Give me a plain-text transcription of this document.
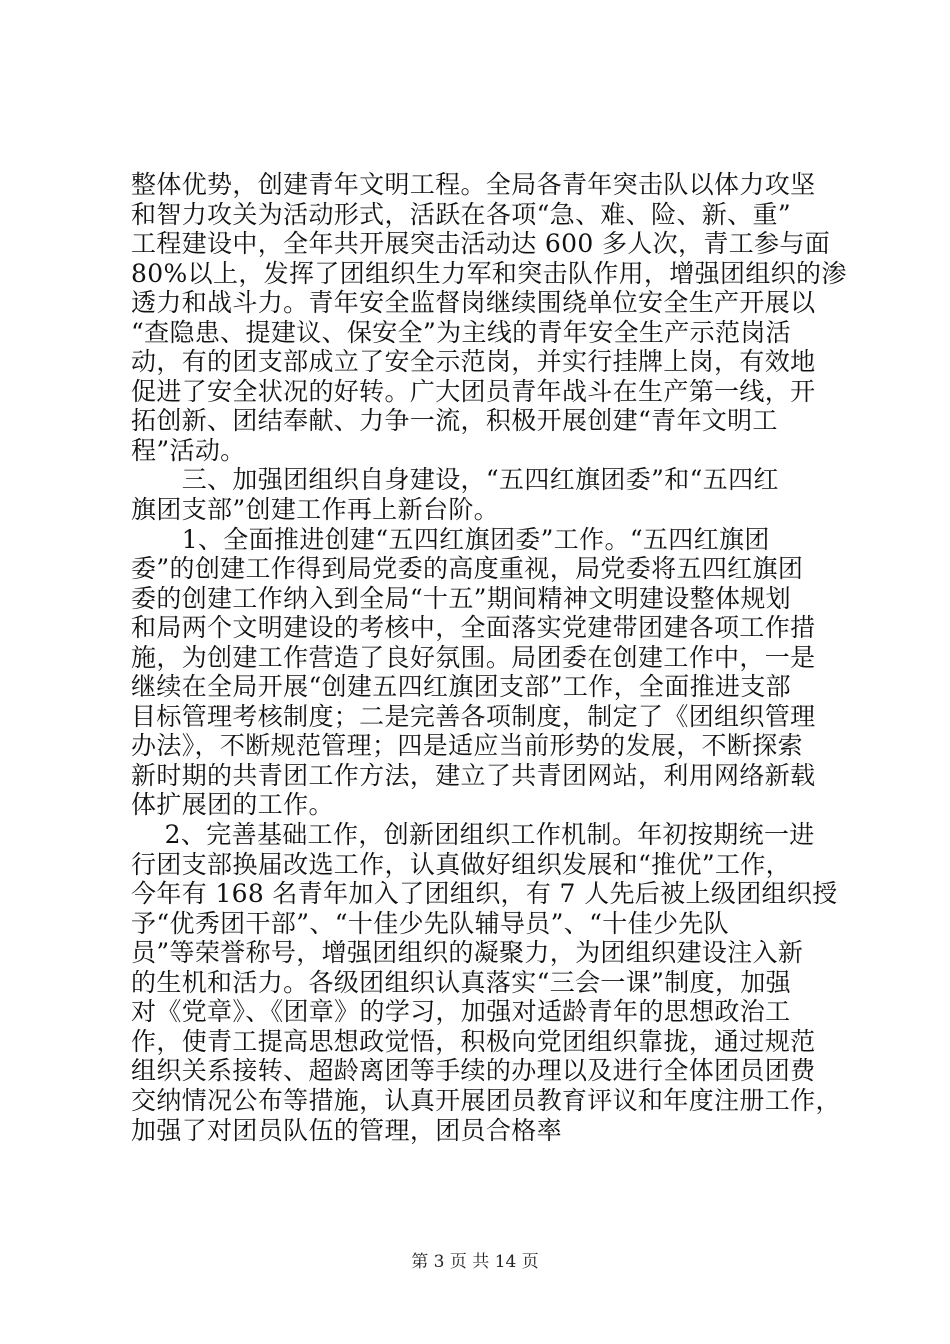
整体优势，创建青年文明工程。全局各青年突击队以体力攻坚
和智力攻关为活动形式，活跃在各项“急、难、险、新、重”
工程建设中，全年共开展突击活动达 600 多人次，青工参与面
80%以上，发挥了团组织生力军和突击队作用，增强团组织的渗
透力和战斗力。青年安全监督岗继续围绕单位安全生产开展以
“查隐患、提建议、保安全”为主线的青年安全生产示范岗活
动，有的团支部成立了安全示范岗，并实行挂牌上岗，有效地
促进了安全状况的好转。广大团员青年战斗在生产第一线，开
拓创新、团结奉献、力争一流，积极开展创建“青年文明工
程”活动。
　　三、加强团组织自身建设，“五四红旗团委”和“五四红
旗团支部”创建工作再上新台阶。
　　1、全面推进创建“五四红旗团委”工作。“五四红旗团
委”的创建工作得到局党委的高度重视，局党委将五四红旗团
委的创建工作纳入到全局“十五”期间精神文明建设整体规划
和局两个文明建设的考核中，全面落实党建带团建各项工作措
施，为创建工作营造了良好氛围。局团委在创建工作中，一是
继续在全局开展“创建五四红旗团支部”工作，全面推进支部
目标管理考核制度；二是完善各项制度，制定了《团组织管理
办法》，不断规范管理；四是适应当前形势的发展，不断探索
新时期的共青团工作方法，建立了共青团网站，利用网络新载
体扩展团的工作。
　 2、完善基础工作，创新团组织工作机制。年初按期统一进
行团支部换届改选工作，认真做好组织发展和“推优”工作，
今年有 168 名青年加入了团组织，有 7 人先后被上级团组织授
予“优秀团干部”、“十佳少先队辅导员”、“十佳少先队
员”等荣誉称号，增强团组织的凝聚力，为团组织建设注入新
的生机和活力。各级团组织认真落实“三会一课”制度，加强
对《党章》、《团章》的学习，加强对适龄青年的思想政治工
作，使青工提高思想政觉悟，积极向党团组织靠拢，通过规范
组织关系接转、超龄离团等手续的办理以及进行全体团员团费
交纳情况公布等措施，认真开展团员教育评议和年度注册工作，
加强了对团员队伍的管理，团员合格率
第 3 页 共 14 页
